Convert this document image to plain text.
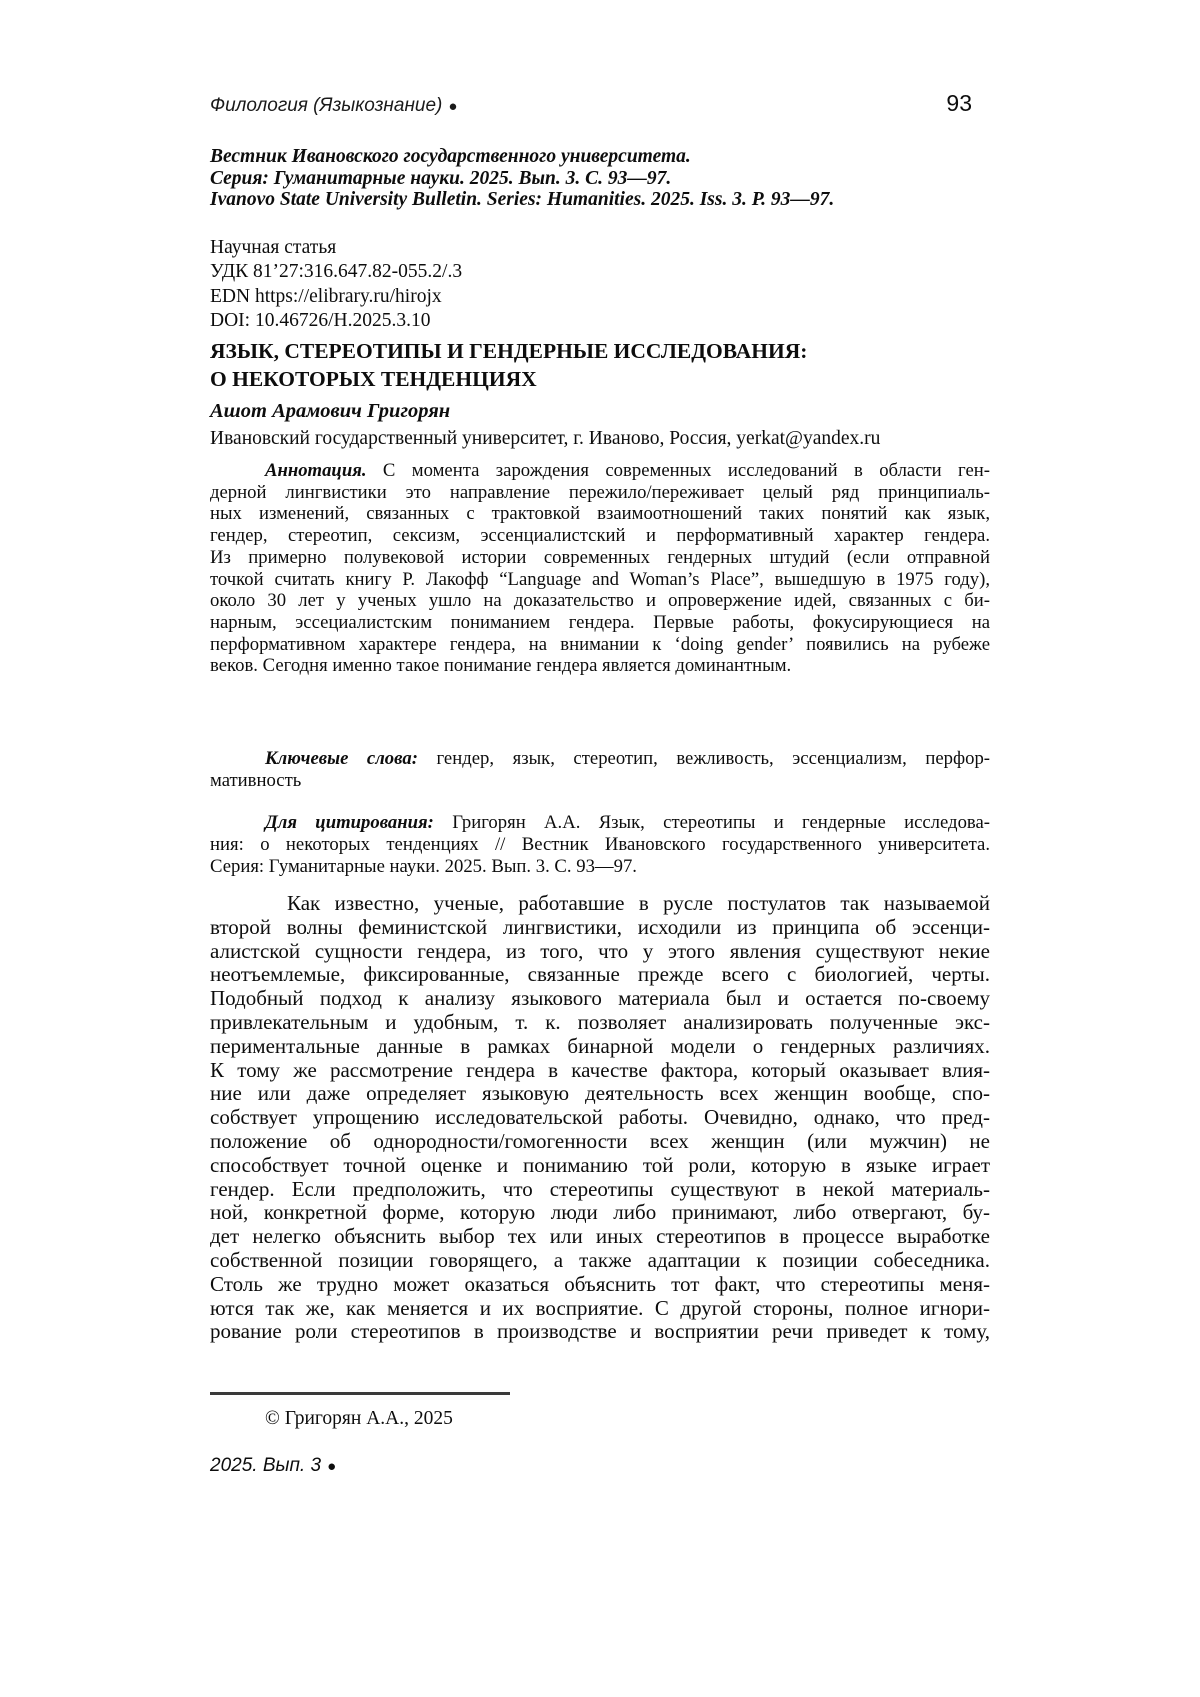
Филология (Языкознание) ●	93
Вестник Ивановского государственного университета.
Серия: Гуманитарные науки. 2025. Вып. 3. С. 93—97.
Ivanovo State University Bulletin. Series: Humanities. 2025. Iss. 3. P. 93—97.
Научная статья
УДК 81’27:316.647.82-055.2/.3
EDN https://elibrary.ru/hirojx
DOI: 10.46726/H.2025.3.10
ЯЗЫК, СТЕРЕОТИПЫ И ГЕНДЕРНЫЕ ИССЛЕДОВАНИЯ:
О НЕКОТОРЫХ ТЕНДЕНЦИЯХ
Ашот Арамович Григорян
Ивановский государственный университет, г. Иваново, Россия, yerkat@yandex.ru
Аннотация. С момента зарождения современных исследований в области ген-
дерной лингвистики это направление пережило/переживает целый ряд принципиаль-
ных изменений, связанных с трактовкой взаимоотношений таких понятий как язык,
гендер, стереотип, сексизм, эссенциалистский и перформативный характер гендера.
Из примерно полувековой истории современных гендерных штудий (если отправной
точкой считать книгу Р. Лакофф “Language and Woman’s Place”, вышедшую в 1975 году),
около 30 лет у ученых ушло на доказательство и опровержение идей, связанных с би-
нарным, эссециалистским пониманием гендера. Первые работы, фокусирующиеся на
перформативном характере гендера, на внимании к ‘doing gender’ появились на рубеже
веков. Сегодня именно такое понимание гендера является доминантным.
Ключевые слова: гендер, язык, стереотип, вежливость, эссенциализм, перфор-
мативность
Для цитирования: Григорян А.А. Язык, стереотипы и гендерные исследова-
ния: о некоторых тенденциях // Вестник Ивановского государственного университета.
Серия: Гуманитарные науки. 2025. Вып. 3. С. 93—97.
Как известно, ученые, работавшие в русле постулатов так называемой
второй волны феминистской лингвистики, исходили из принципа об эссенци-
алистской сущности гендера, из того, что у этого явления существуют некие
неотъемлемые, фиксированные, связанные прежде всего с биологией, черты.
Подобный подход к анализу языкового материала был и остается по-своему
привлекательным и удобным, т. к. позволяет анализировать полученные экс-
периментальные данные в рамках бинарной модели о гендерных различиях.
К тому же рассмотрение гендера в качестве фактора, который оказывает влия-
ние или даже определяет языковую деятельность всех женщин вообще, спо-
собствует упрощению исследовательской работы. Очевидно, однако, что пред-
положение об однородности/гомогенности всех женщин (или мужчин) не
способствует точной оценке и пониманию той роли, которую в языке играет
гендер. Если предположить, что стереотипы существуют в некой материаль-
ной, конкретной форме, которую люди либо принимают, либо отвергают, бу-
дет нелегко объяснить выбор тех или иных стереотипов в процессе выработке
собственной позиции говорящего, а также адаптации к позиции собеседника.
Столь же трудно может оказаться объяснить тот факт, что стереотипы меня-
ются так же, как меняется и их восприятие. С другой стороны, полное игнори-
рование роли стереотипов в производстве и восприятии речи приведет к тому,
© Григорян А.А., 2025
2025. Вып. 3 ●
